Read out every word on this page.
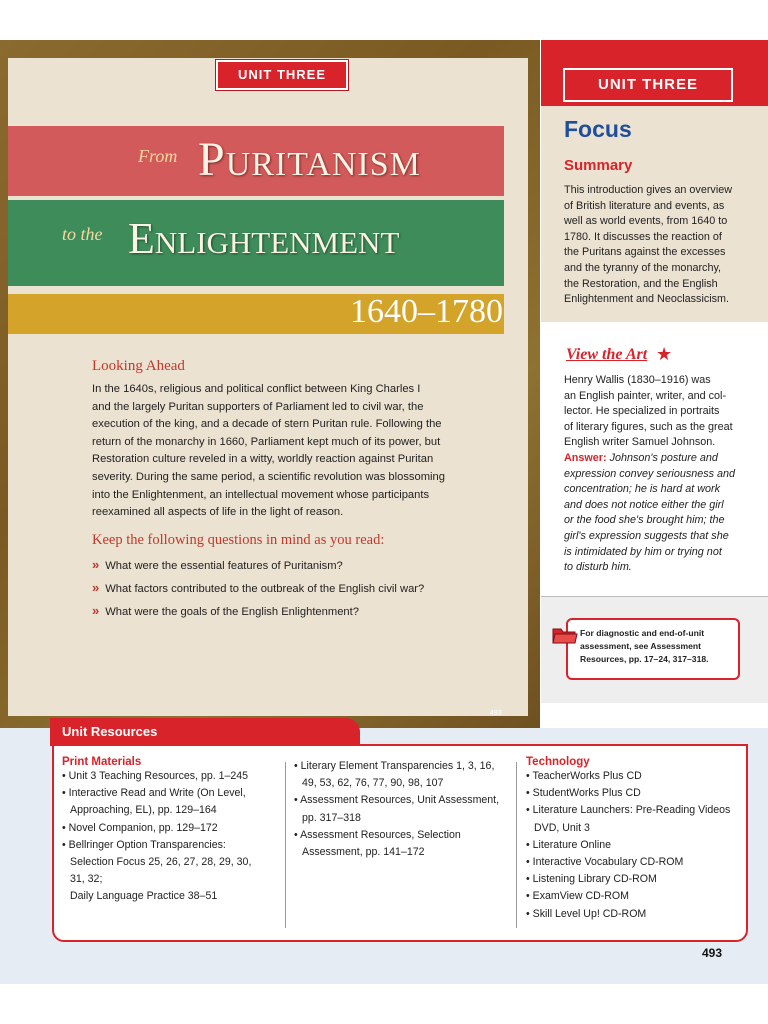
UNIT THREE
From Puritanism
to the Enlightenment
1640–1780
Looking Ahead
In the 1640s, religious and political conflict between King Charles I
and the largely Puritan supporters of Parliament led to civil war, the
execution of the king, and a decade of stern Puritan rule. Following the
return of the monarchy in 1660, Parliament kept much of its power, but
Restoration culture reveled in a witty, worldly reaction against Puritan
severity. During the same period, a scientific revolution was blossoming
into the Enlightenment, an intellectual movement whose participants
reexamined all aspects of life in the light of reason.
Keep the following questions in mind as you read:
» What were the essential features of Puritanism?
» What factors contributed to the outbreak of the English civil war?
» What were the goals of the English Enlightenment?
493
UNIT THREE
Focus
Summary
This introduction gives an overview
of British literature and events, as
well as world events, from 1640 to
1780. It discusses the reaction of
the Puritans against the excesses
and the tyranny of the monarchy,
the Restoration, and the English
Enlightenment and Neoclassicism.
View the Art ★
Henry Wallis (1830–1916) was
an English painter, writer, and col-
lector. He specialized in portraits
of literary figures, such as the great
English writer Samuel Johnson.
Answer: Johnson's posture and
expression convey seriousness and
concentration; he is hard at work
and does not notice either the girl
or the food she's brought him; the
girl's expression suggests that she
is intimidated by him or trying not
to disturb him.
For diagnostic and end-of-unit
assessment, see Assessment
Resources, pp. 17–24, 317–318.
Unit Resources
Print Materials
• Unit 3 Teaching Resources, pp. 1–245
• Interactive Read and Write (On Level,
Approaching, EL), pp. 129–164
• Novel Companion, pp. 129–172
• Bellringer Option Transparencies:
Selection Focus 25, 26, 27, 28, 29, 30,
31, 32;
Daily Language Practice 38–51
• Literary Element Transparencies 1, 3, 16,
49, 53, 62, 76, 77, 90, 98, 107
• Assessment Resources, Unit Assessment,
pp. 317–318
• Assessment Resources, Selection
Assessment, pp. 141–172
Technology
• TeacherWorks Plus CD
• StudentWorks Plus CD
• Literature Launchers: Pre-Reading Videos
DVD, Unit 3
• Literature Online
• Interactive Vocabulary CD-ROM
• Listening Library CD-ROM
• ExamView CD-ROM
• Skill Level Up! CD-ROM
493
